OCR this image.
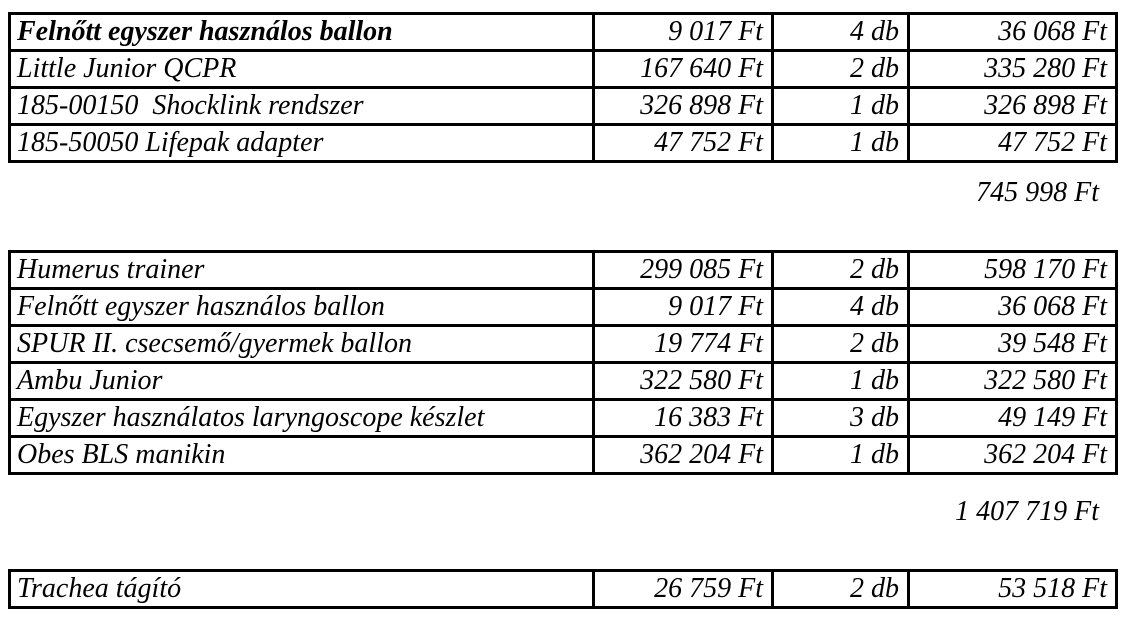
Felnőtt egyszer használos ballon	9 017 Ft	4 db	36 068 Ft
Little Junior QCPR	167 640 Ft	2 db	335 280 Ft
185-00150  Shocklink rendszer	326 898 Ft	1 db	326 898 Ft
185-50050 Lifepak adapter	47 752 Ft	1 db	47 752 Ft
745 998 Ft
Humerus trainer	299 085 Ft	2 db	598 170 Ft
Felnőtt egyszer használos ballon	9 017 Ft	4 db	36 068 Ft
SPUR II. csecsemő/gyermek ballon	19 774 Ft	2 db	39 548 Ft
Ambu Junior	322 580 Ft	1 db	322 580 Ft
Egyszer használatos laryngoscope készlet	16 383 Ft	3 db	49 149 Ft
Obes BLS manikin	362 204 Ft	1 db	362 204 Ft
1 407 719 Ft
Trachea tágító	26 759 Ft	2 db	53 518 Ft
